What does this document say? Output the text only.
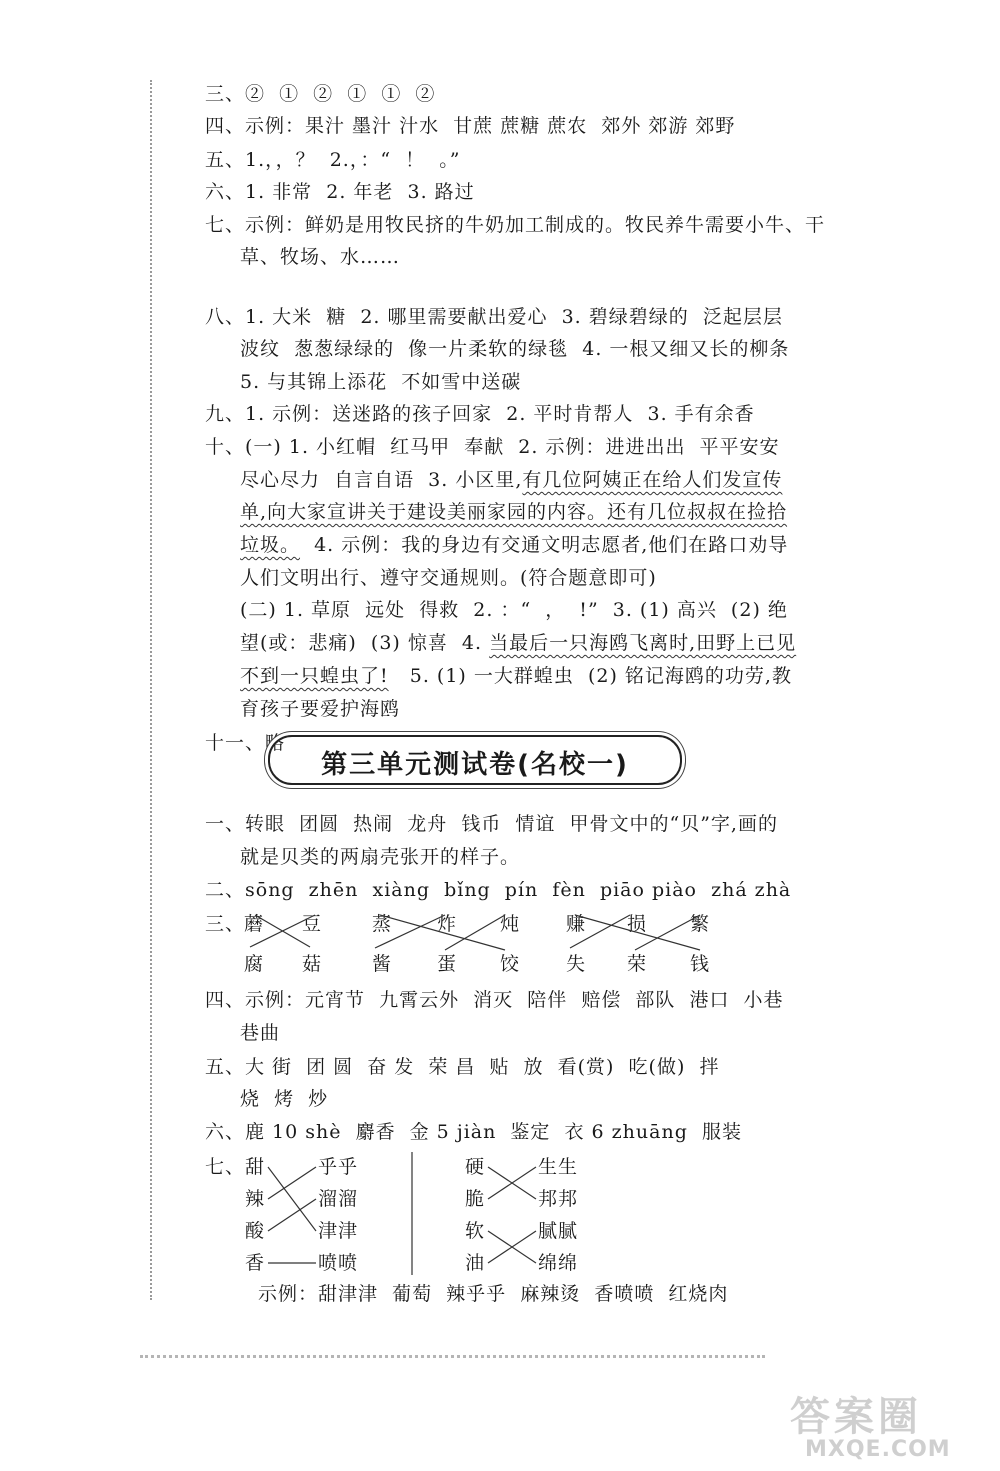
三、②  ①  ②  ①  ①  ②
四、示例：果汁 墨汁 汁水  甘蔗 蔗糖 蔗农  郊外 郊游 郊野
五、1.，，？  2.，：“  ！  。”
六、1. 非常  2. 年老  3. 路过
七、示例：鲜奶是用牧民挤的牛奶加工制成的。牧民养牛需要小牛、干
草、牧场、水……
八、1. 大米  糖  2. 哪里需要献出爱心  3. 碧绿碧绿的  泛起层层
波纹  葱葱绿绿的  像一片柔软的绿毯  4. 一根又细又长的柳条
5. 与其锦上添花  不如雪中送碳
九、1. 示例：送迷路的孩子回家  2. 平时肯帮人  3. 手有余香
十、(一) 1. 小红帽  红马甲  奉献  2. 示例：进进出出  平平安安
尽心尽力  自言自语  3. 小区里,有几位阿姨正在给人们发宣传
单,向大家宣讲关于建设美丽家园的内容。还有几位叔叔在捡拾
垃圾。  4. 示例：我的身边有交通文明志愿者,他们在路口劝导
人们文明出行、遵守交通规则。(符合题意即可)
(二) 1. 草原  远处  得救  2. ：“  ，  !”  3. (1) 高兴  (2) 绝
望(或：悲痛)  (3) 惊喜  4. 当最后一只海鸥飞离时,田野上已见
不到一只蝗虫了!   5. (1) 一大群蝗虫  (2) 铭记海鸥的功劳,教
育孩子要爱护海鸥
十一、略
第三单元测试卷(名校一)
一、转眼  团圆  热闹  龙舟  钱币  情谊  甲骨文中的“贝”字,画的
就是贝类的两扇壳张开的样子。
二、sōng  zhēn  xiàng  bǐng  pín  fèn  piāo piào  zhá zhà
三、
蘑 豆	蒸 炸 炖 赚 损 繁
腐 菇	酱 蛋 饺 失 荣 钱
四、示例：元宵节  九霄云外  消灭  陪伴  赔偿  部队  港口  小巷
巷曲
五、大 街  团 圆  奋 发  荣 昌  贴  放  看(赏)  吃(做)  拌
烧  烤  炒
六、鹿 10 shè  麝香  金 5 jiàn  鉴定  衣 6 zhuāng  服装
七、 甜
辣
酸
香
乎乎
溜溜
津津
喷喷
硬
脆
软
油
生生
邦邦
腻腻
绵绵
示例：甜津津  葡萄  辣乎乎  麻辣烫  香喷喷  红烧肉
答案圈
MXQE.COM
